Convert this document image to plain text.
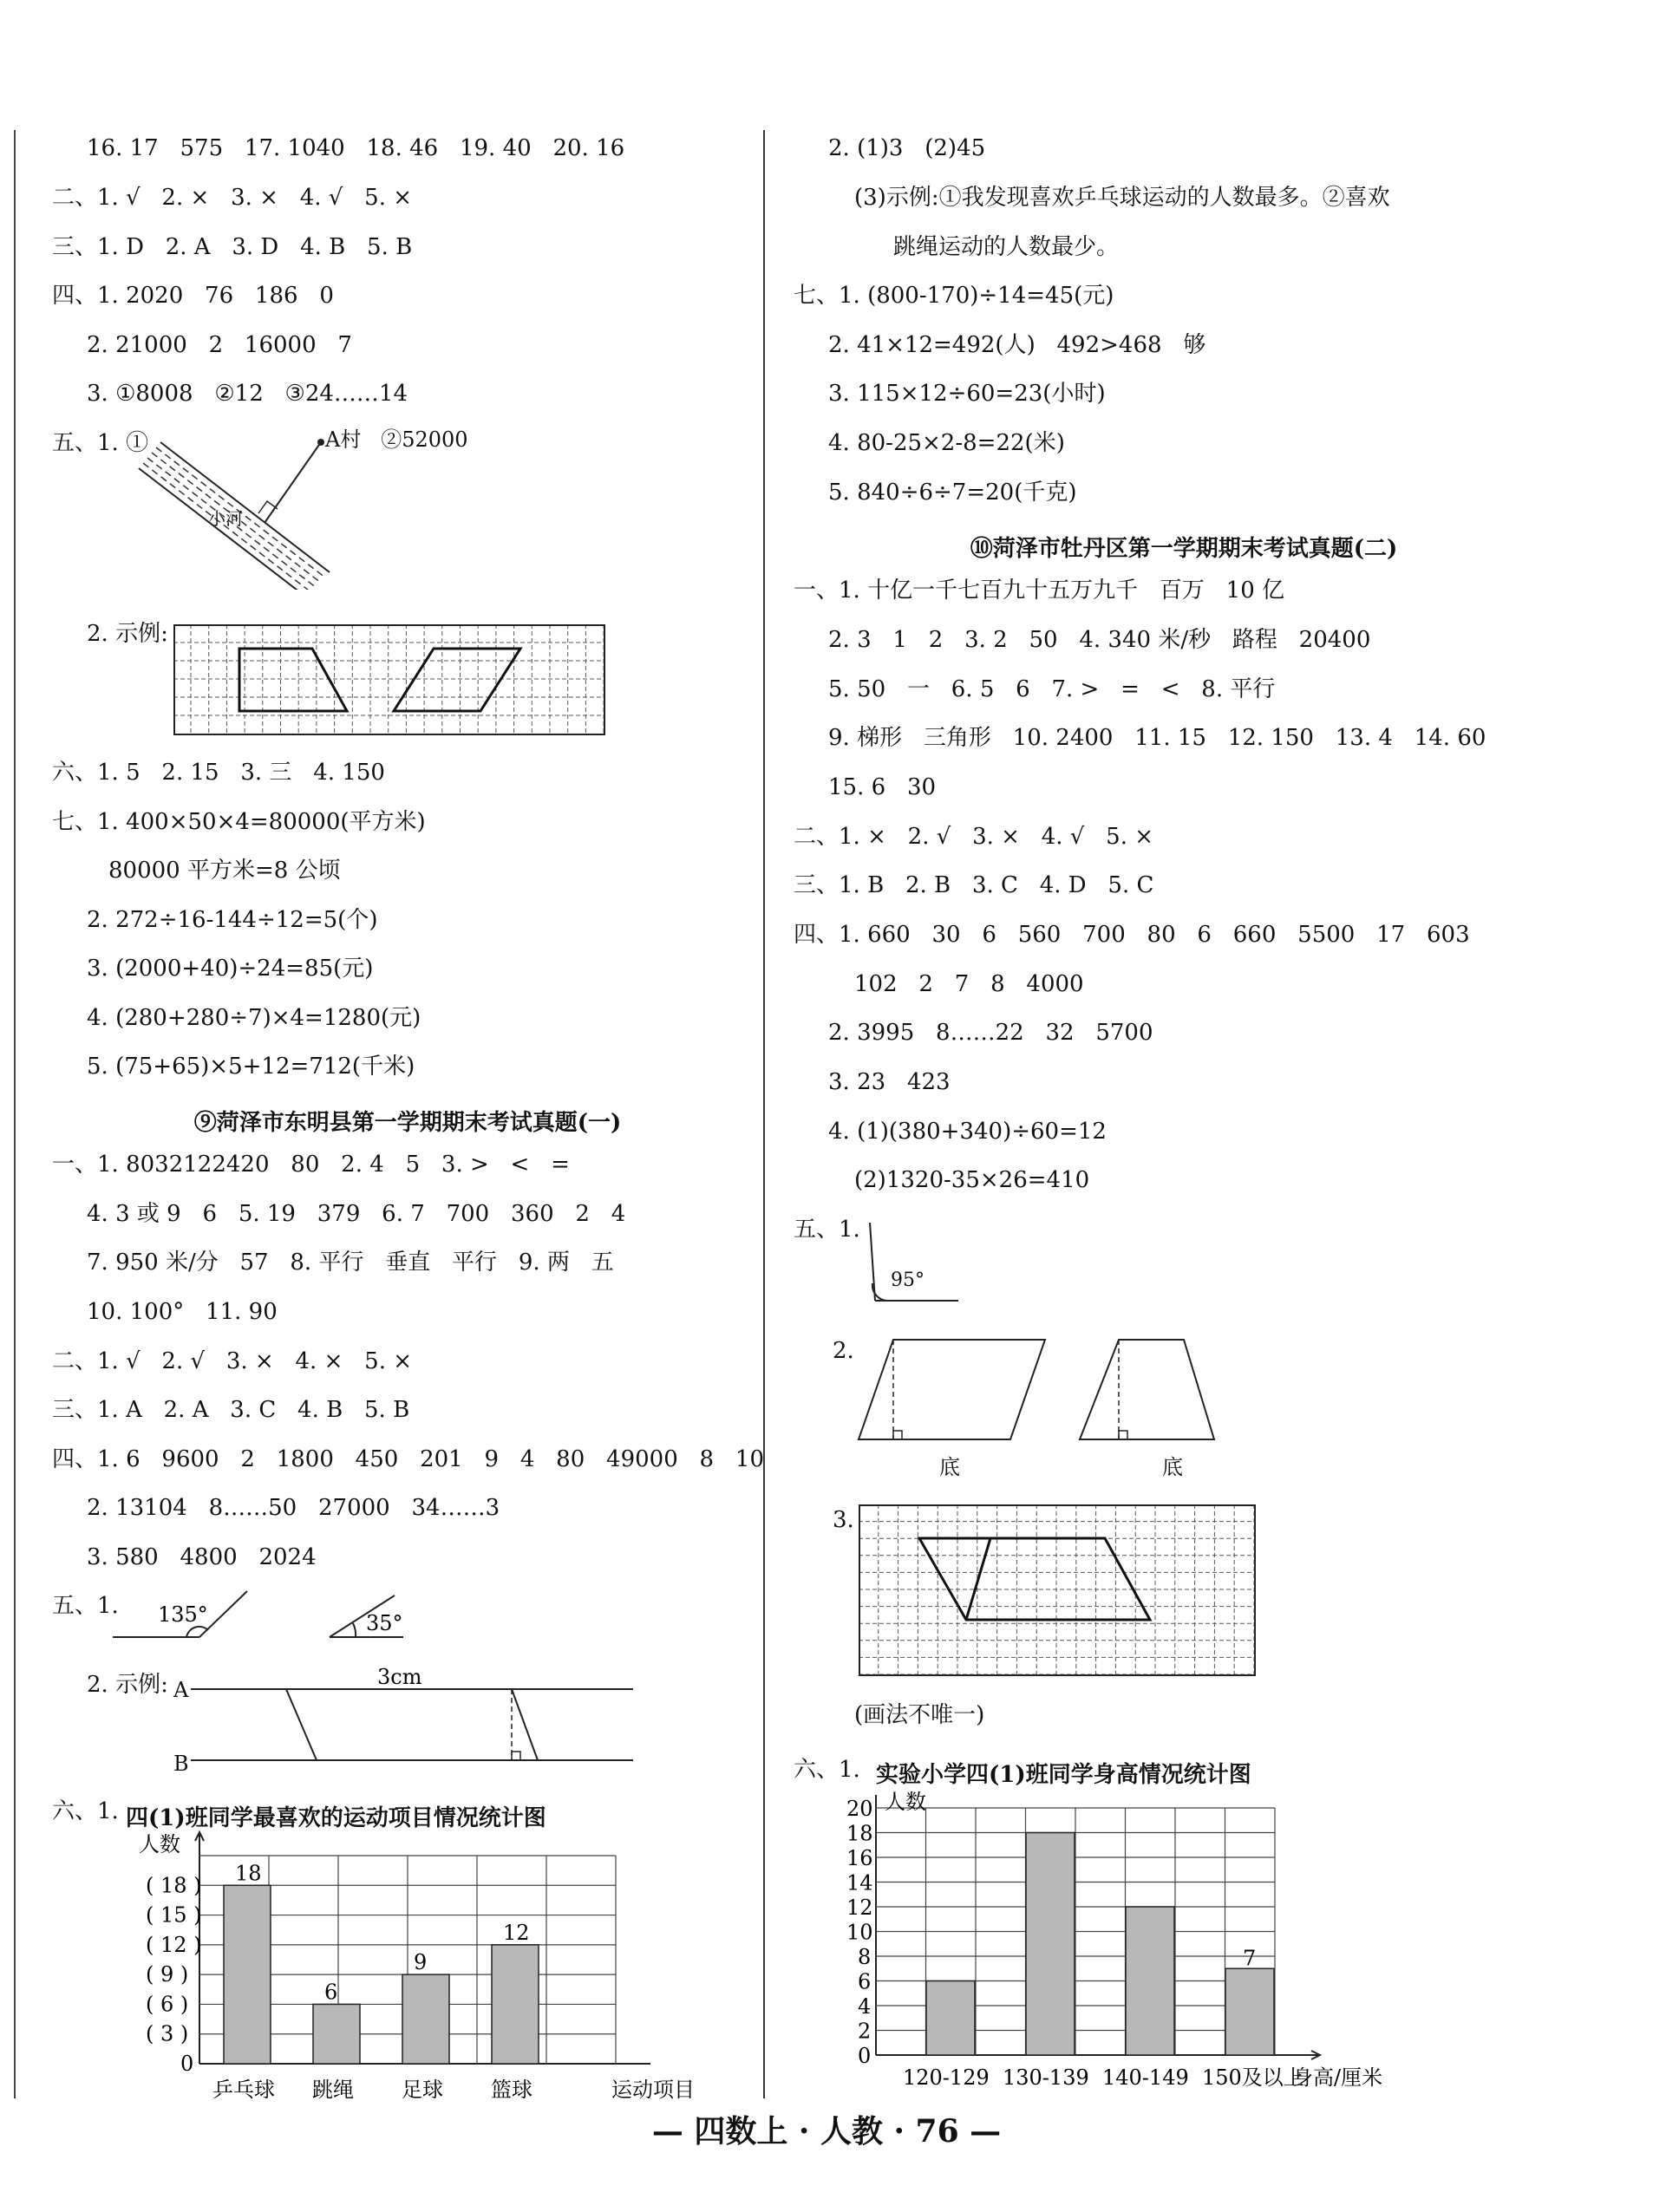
16. 17   575   17. 1040   18. 46   19. 40   20. 16
二、1. √   2. ×   3. ×   4. √   5. ×
三、1. D   2. A   3. D   4. B   5. B
四、1. 2020   76   186   0
2. 21000   2   16000   7
3. ①8008   ②12   ③24……14
五、1. ①	A村   ②52000
小河
2. 示例:
六、1. 5   2. 15   3. 三   4. 150
七、1. 400×50×4=80000(平方米)
80000 平方米=8 公顷
2. 272÷16-144÷12=5(个)
3. (2000+40)÷24=85(元)
4. (280+280÷7)×4=1280(元)
5. (75+65)×5+12=712(千米)
⑨菏泽市东明县第一学期期末考试真题(一)
一、1. 8032122420   80   2. 4   5   3. >   <   =
4. 3 或 9   6   5. 19   379   6. 7   700   360   2   4
7. 950 米/分   57   8. 平行   垂直   平行   9. 两   五
10. 100°   11. 90
二、1. √   2. √   3. ×   4. ×   5. ×
三、1. A   2. A   3. C   4. B   5. B
四、1. 6   9600   2   1800   450   201   9   4   80   49000   8   10
2. 13104   8……50   27000   34……3
3. 580   4800   2024
五、1. 135°	35°
2. 示例:	3cm
A
B
六、1. 四(1)班同学最喜欢的运动项目情况统计图
0
( 3 )
( 6 )
( 9 )
( 12 )
( 15 )
( 18 )
人数
18
乒乓球
6
跳绳
9
足球
12
篮球	运动项目
2. (1)3   (2)45
(3)示例:①我发现喜欢乒乓球运动的人数最多。②喜欢
跳绳运动的人数最少。
七、1. (800-170)÷14=45(元)
2. 41×12=492(人)   492>468   够
3. 115×12÷60=23(小时)
4. 80-25×2-8=22(米)
5. 840÷6÷7=20(千克)
⑩菏泽市牡丹区第一学期期末考试真题(二)
一、1. 十亿一千七百九十五万九千   百万   10 亿
2. 3   1   2   3. 2   50   4. 340 米/秒   路程   20400
5. 50   一   6. 5   6   7. >   =   <   8. 平行
9. 梯形   三角形   10. 2400   11. 15   12. 150   13. 4   14. 60
15. 6   30
二、1. ×   2. √   3. ×   4. √   5. ×
三、1. B   2. B   3. C   4. D   5. C
四、1. 660   30   6   560   700   80   6   660   5500   17   603
102   2   7   8   4000
2. 3995   8……22   32   5700
3. 23   423
4. (1)(380+340)÷60=12
(2)1320-35×26=410
五、1.
95°
2.
底	底
3.
(画法不唯一)
六、1. 实验小学四(1)班同学身高情况统计图
0
2
4
6
8
10
12
14
16
18
20 人数
120-129 130-139 140-149 150及以上
7
身高/厘米
— 四数上 · 人教 · 76 —
